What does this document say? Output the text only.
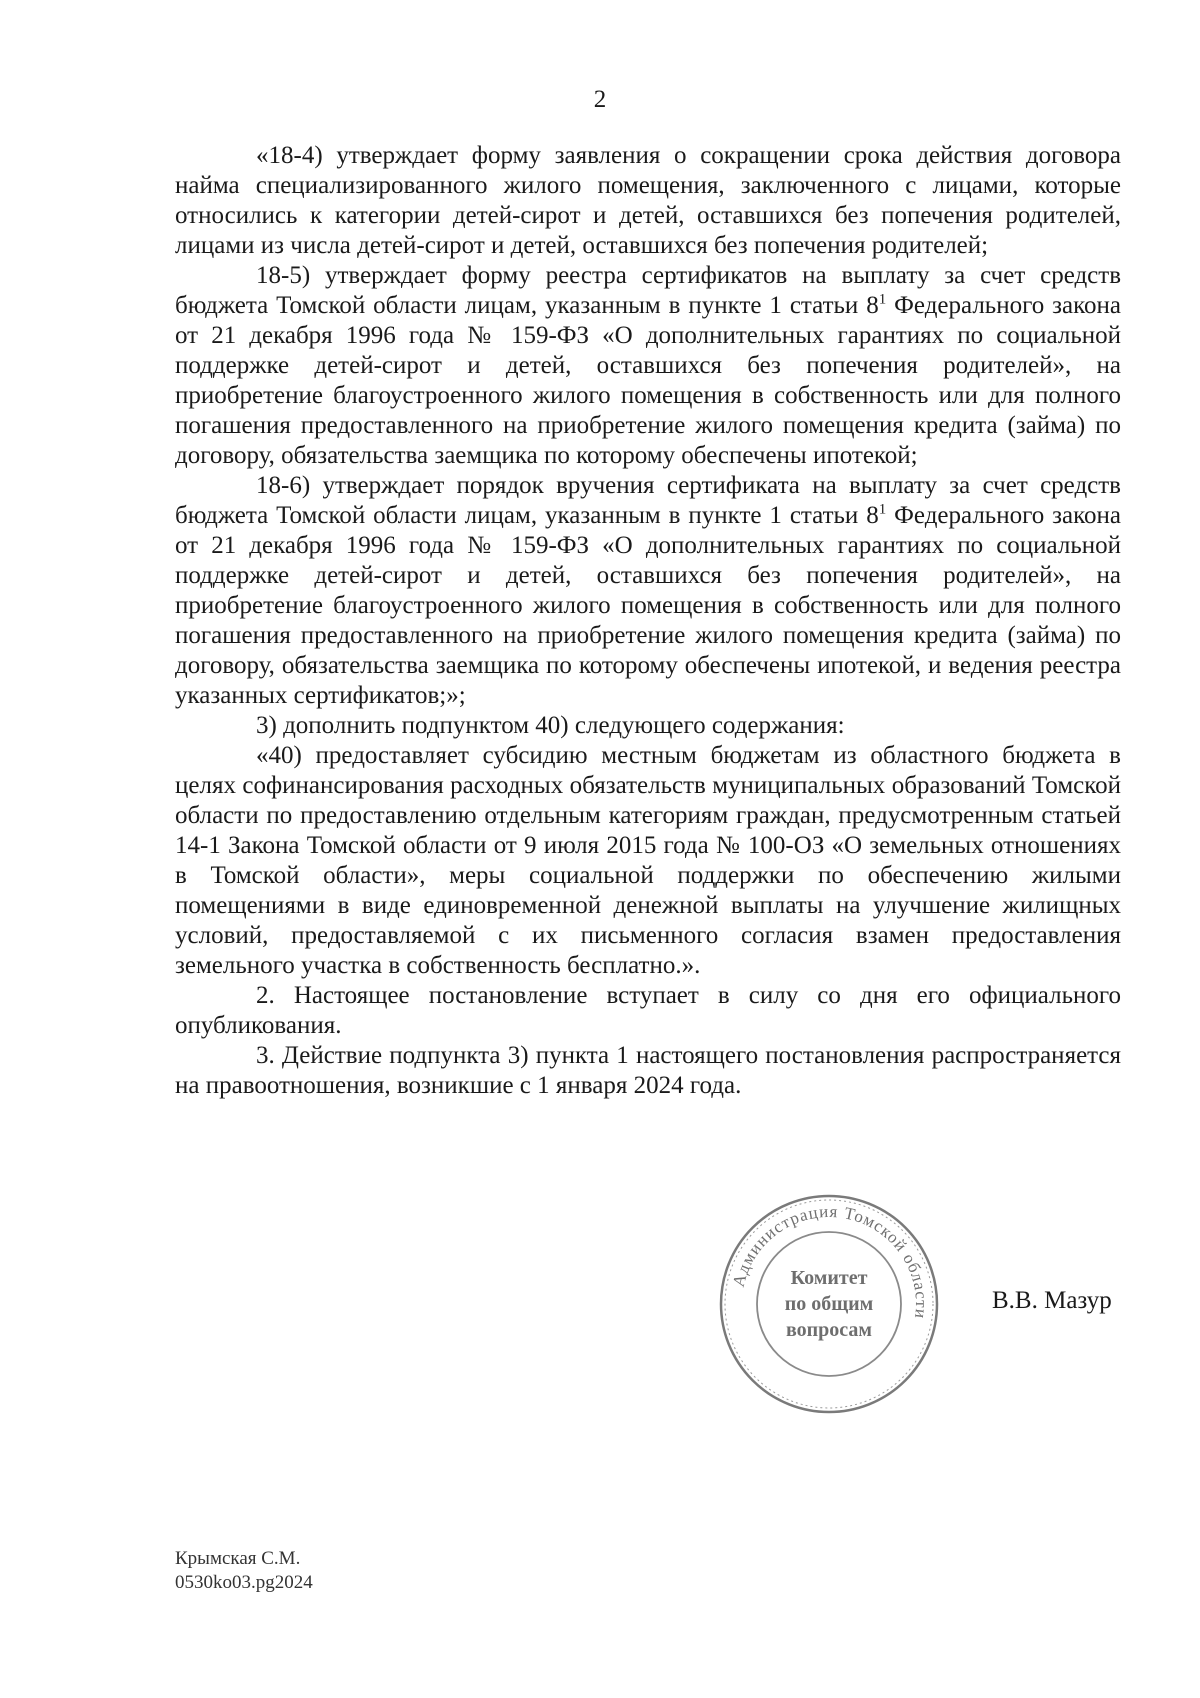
2

«18-4) утверждает форму заявления о сокращении срока действия договора найма специализированного жилого помещения, заключенного с лицами, которые относились к категории детей-сирот и детей, оставшихся без попечения родителей, лицами из числа детей-сирот и детей, оставшихся без попечения родителей;

18-5) утверждает форму реестра сертификатов на выплату за счет средств бюджета Томской области лицам, указанным в пункте 1 статьи $8^1$ Федерального закона от 21 декабря 1996 года № 159-ФЗ «О дополнительных гарантиях по социальной поддержке детей-сирот и детей, оставшихся без попечения родителей», на приобретение благоустроенного жилого помещения в собственность или для полного погашения предоставленного на приобретение жилого помещения кредита (займа) по договору, обязательства заемщика по которому обеспечены ипотекой;

18-6) утверждает порядок вручения сертификата на выплату за счет средств бюджета Томской области лицам, указанным в пункте 1 статьи $8^1$ Федерального закона от 21 декабря 1996 года № 159-ФЗ «О дополнительных гарантиях по социальной поддержке детей-сирот и детей, оставшихся без попечения родителей», на приобретение благоустроенного жилого помещения в собственность или для полного погашения предоставленного на приобретение жилого помещения кредита (займа) по договору, обязательства заемщика по которому обеспечены ипотекой, и ведения реестра указанных сертификатов;»;

3) дополнить подпунктом 40) следующего содержания:

«40) предоставляет субсидию местным бюджетам из областного бюджета в целях софинансирования расходных обязательств муниципальных образований Томской области по предоставлению отдельным категориям граждан, предусмотренным статьей 14-1 Закона Томской области от 9 июля 2015 года № 100-ОЗ «О земельных отношениях в Томской области», меры социальной поддержки по обеспечению жилыми помещениями в виде единовременной денежной выплаты на улучшение жилищных условий, предоставляемой с их письменного согласия взамен предоставления земельного участка в собственность бесплатно.».

2. Настоящее постановление вступает в силу со дня его официального опубликования.

3. Действие подпункта 3) пункта 1 настоящего постановления распространяется на правоотношения, возникшие с 1 января 2024 года.

Администрация Томской области
Комитет
по общим
вопросам
В.В. Мазур
Крымская С.М.
0530ko03.pg2024
